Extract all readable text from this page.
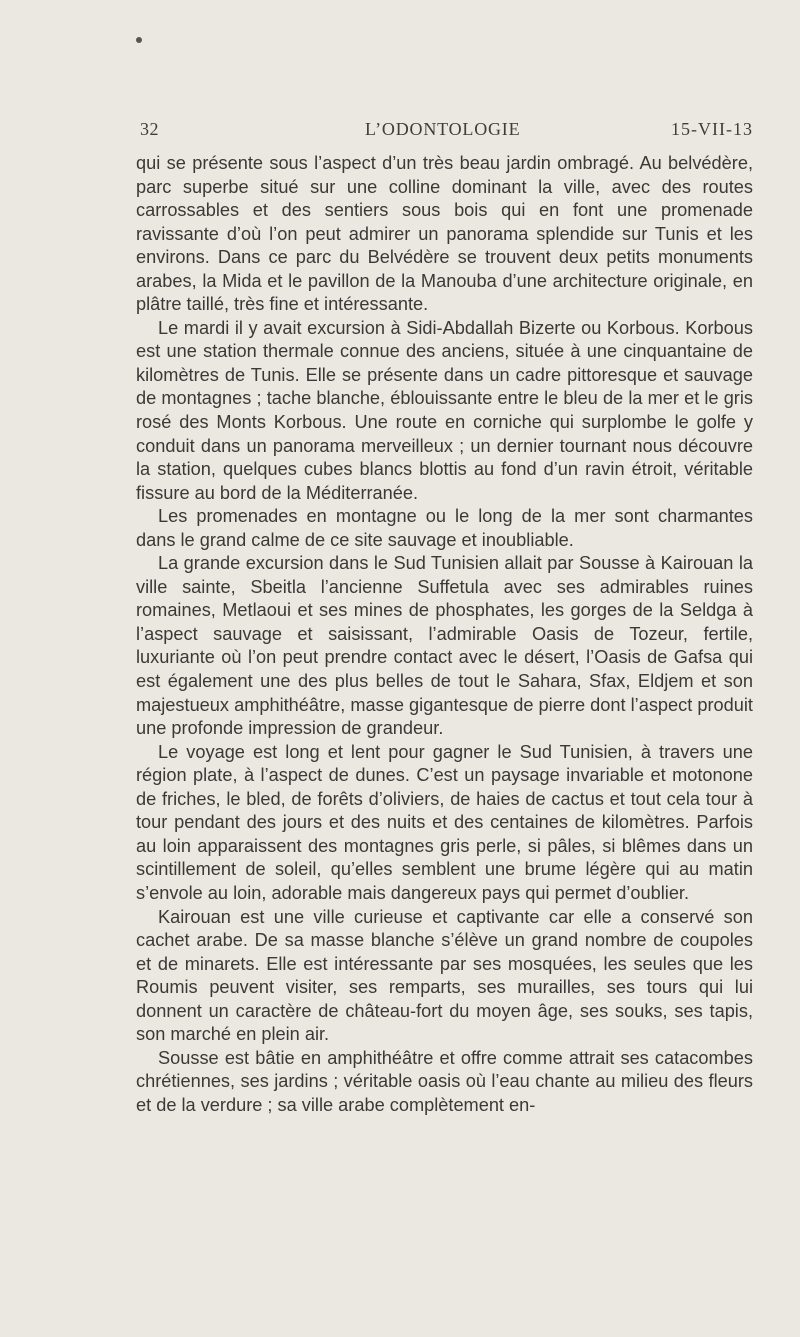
32	L’ODONTOLOGIE	15-VII-13

qui se présente sous l’aspect d’un très beau jardin ombragé. Au belvédère, parc superbe situé sur une colline dominant la ville, avec des routes carrossables et des sentiers sous bois qui en font une promenade ravissante d’où l’on peut admirer un panorama splendide sur Tunis et les environs. Dans ce parc du Belvédère se trouvent deux petits monuments arabes, la Mida et le pavillon de la Manouba d’une architecture originale, en plâtre taillé, très fine et intéressante.

Le mardi il y avait excursion à Sidi-Abdallah Bizerte ou Korbous. Korbous est une station thermale connue des anciens, située à une cinquantaine de kilomètres de Tunis. Elle se présente dans un cadre pittoresque et sauvage de montagnes ; tache blanche, éblouissante entre le bleu de la mer et le gris rosé des Monts Korbous. Une route en corniche qui surplombe le golfe y conduit dans un panorama merveilleux ; un dernier tournant nous découvre la station, quelques cubes blancs blottis au fond d’un ravin étroit, véritable fissure au bord de la Méditerranée.

Les promenades en montagne ou le long de la mer sont charmantes dans le grand calme de ce site sauvage et inoubliable.

La grande excursion dans le Sud Tunisien allait par Sousse à Kairouan la ville sainte, Sbeitla l’ancienne Suffetula avec ses admirables ruines romaines, Metlaoui et ses mines de phosphates, les gorges de la Seldga à l’aspect sauvage et saisissant, l’admirable Oasis de Tozeur, fertile, luxuriante où l’on peut prendre contact avec le désert, l’Oasis de Gafsa qui est également une des plus belles de tout le Sahara, Sfax, Eldjem et son majestueux amphithéâtre, masse gigantesque de pierre dont l’aspect produit une profonde impression de grandeur.

Le voyage est long et lent pour gagner le Sud Tunisien, à travers une région plate, à l’aspect de dunes. C’est un paysage invariable et motonone de friches, le bled, de forêts d’oliviers, de haies de cactus et tout cela tour à tour pendant des jours et des nuits et des centaines de kilomètres. Parfois au loin apparaissent des montagnes gris perle, si pâles, si blêmes dans un scintillement de soleil, qu’elles semblent une brume légère qui au matin s’envole au loin, adorable mais dangereux pays qui permet d’oublier.

Kairouan est une ville curieuse et captivante car elle a conservé son cachet arabe. De sa masse blanche s’élève un grand nombre de coupoles et de minarets. Elle est intéressante par ses mosquées, les seules que les Roumis peuvent visiter, ses remparts, ses murailles, ses tours qui lui donnent un caractère de château-fort du moyen âge, ses souks, ses tapis, son marché en plein air.

Sousse est bâtie en amphithéâtre et offre comme attrait ses catacombes chrétiennes, ses jardins ; véritable oasis où l’eau chante au milieu des fleurs et de la verdure ; sa ville arabe complètement en-
